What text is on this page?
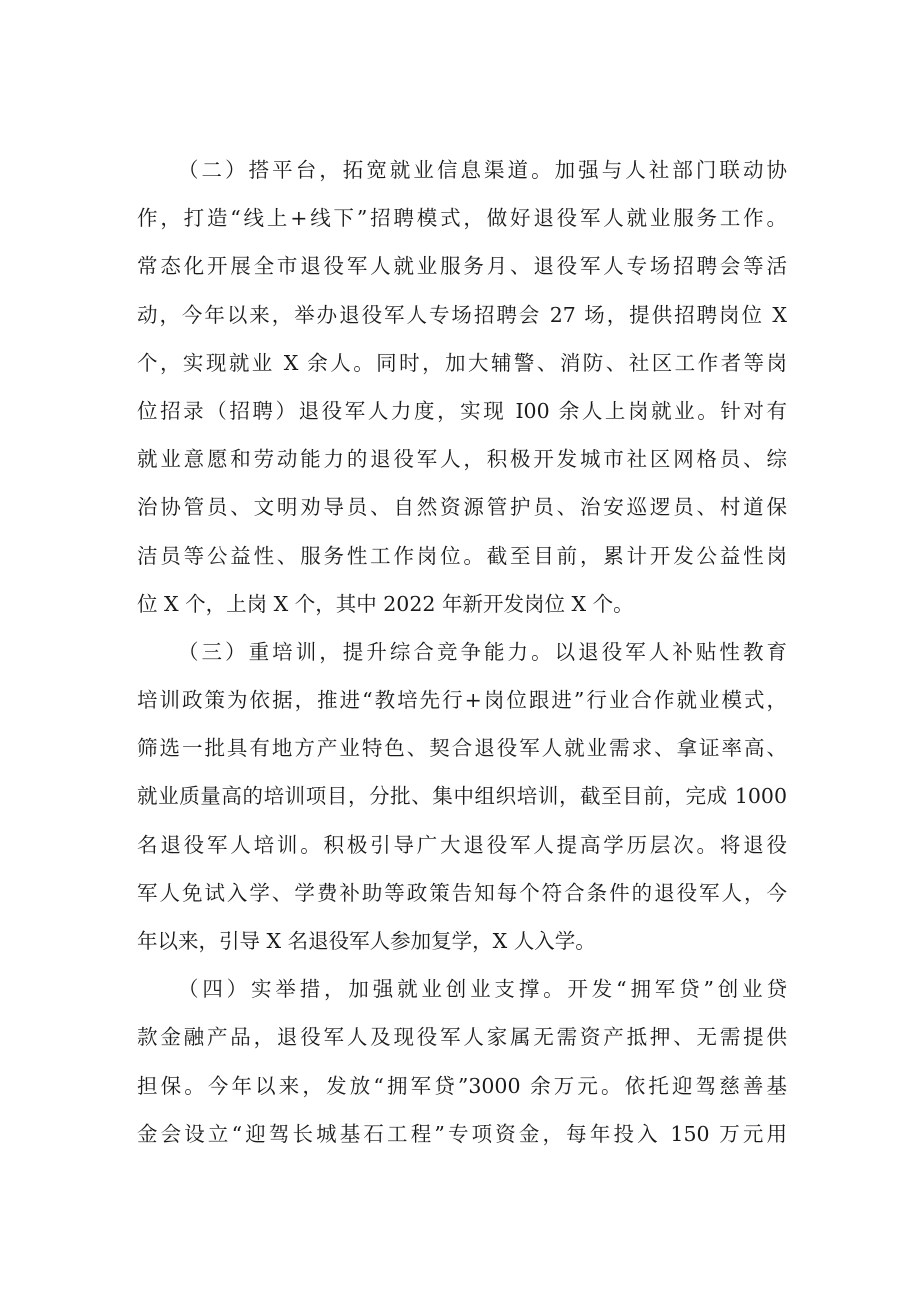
（二）搭平台，拓宽就业信息渠道。加强与人社部门联动协
作，打造“线上+线下”招聘模式，做好退役军人就业服务工作。
常态化开展全市退役军人就业服务月、退役军人专场招聘会等活
动，今年以来，举办退役军人专场招聘会 27 场，提供招聘岗位 X
个，实现就业 X 余人。同时，加大辅警、消防、社区工作者等岗
位招录（招聘）退役军人力度，实现 I00 余人上岗就业。针对有
就业意愿和劳动能力的退役军人，积极开发城市社区网格员、综
治协管员、文明劝导员、自然资源管护员、治安巡逻员、村道保
洁员等公益性、服务性工作岗位。截至目前，累计开发公益性岗
位 X 个，上岗 X 个，其中 2022 年新开发岗位 X 个。
（三）重培训，提升综合竞争能力。以退役军人补贴性教育
培训政策为依据，推进“教培先行+岗位跟进”行业合作就业模式，
筛选一批具有地方产业特色、契合退役军人就业需求、拿证率高、
就业质量高的培训项目，分批、集中组织培训，截至目前，完成 1000
名退役军人培训。积极引导广大退役军人提高学历层次。将退役
军人免试入学、学费补助等政策告知每个符合条件的退役军人，今
年以来，引导 X 名退役军人参加复学，X 人入学。
（四）实举措，加强就业创业支撑。开发“拥军贷”创业贷
款金融产品，退役军人及现役军人家属无需资产抵押、无需提供
担保。今年以来，发放“拥军贷”3000 余万元。依托迎驾慈善基
金会设立“迎驾长城基石工程”专项资金，每年投入 150 万元用
